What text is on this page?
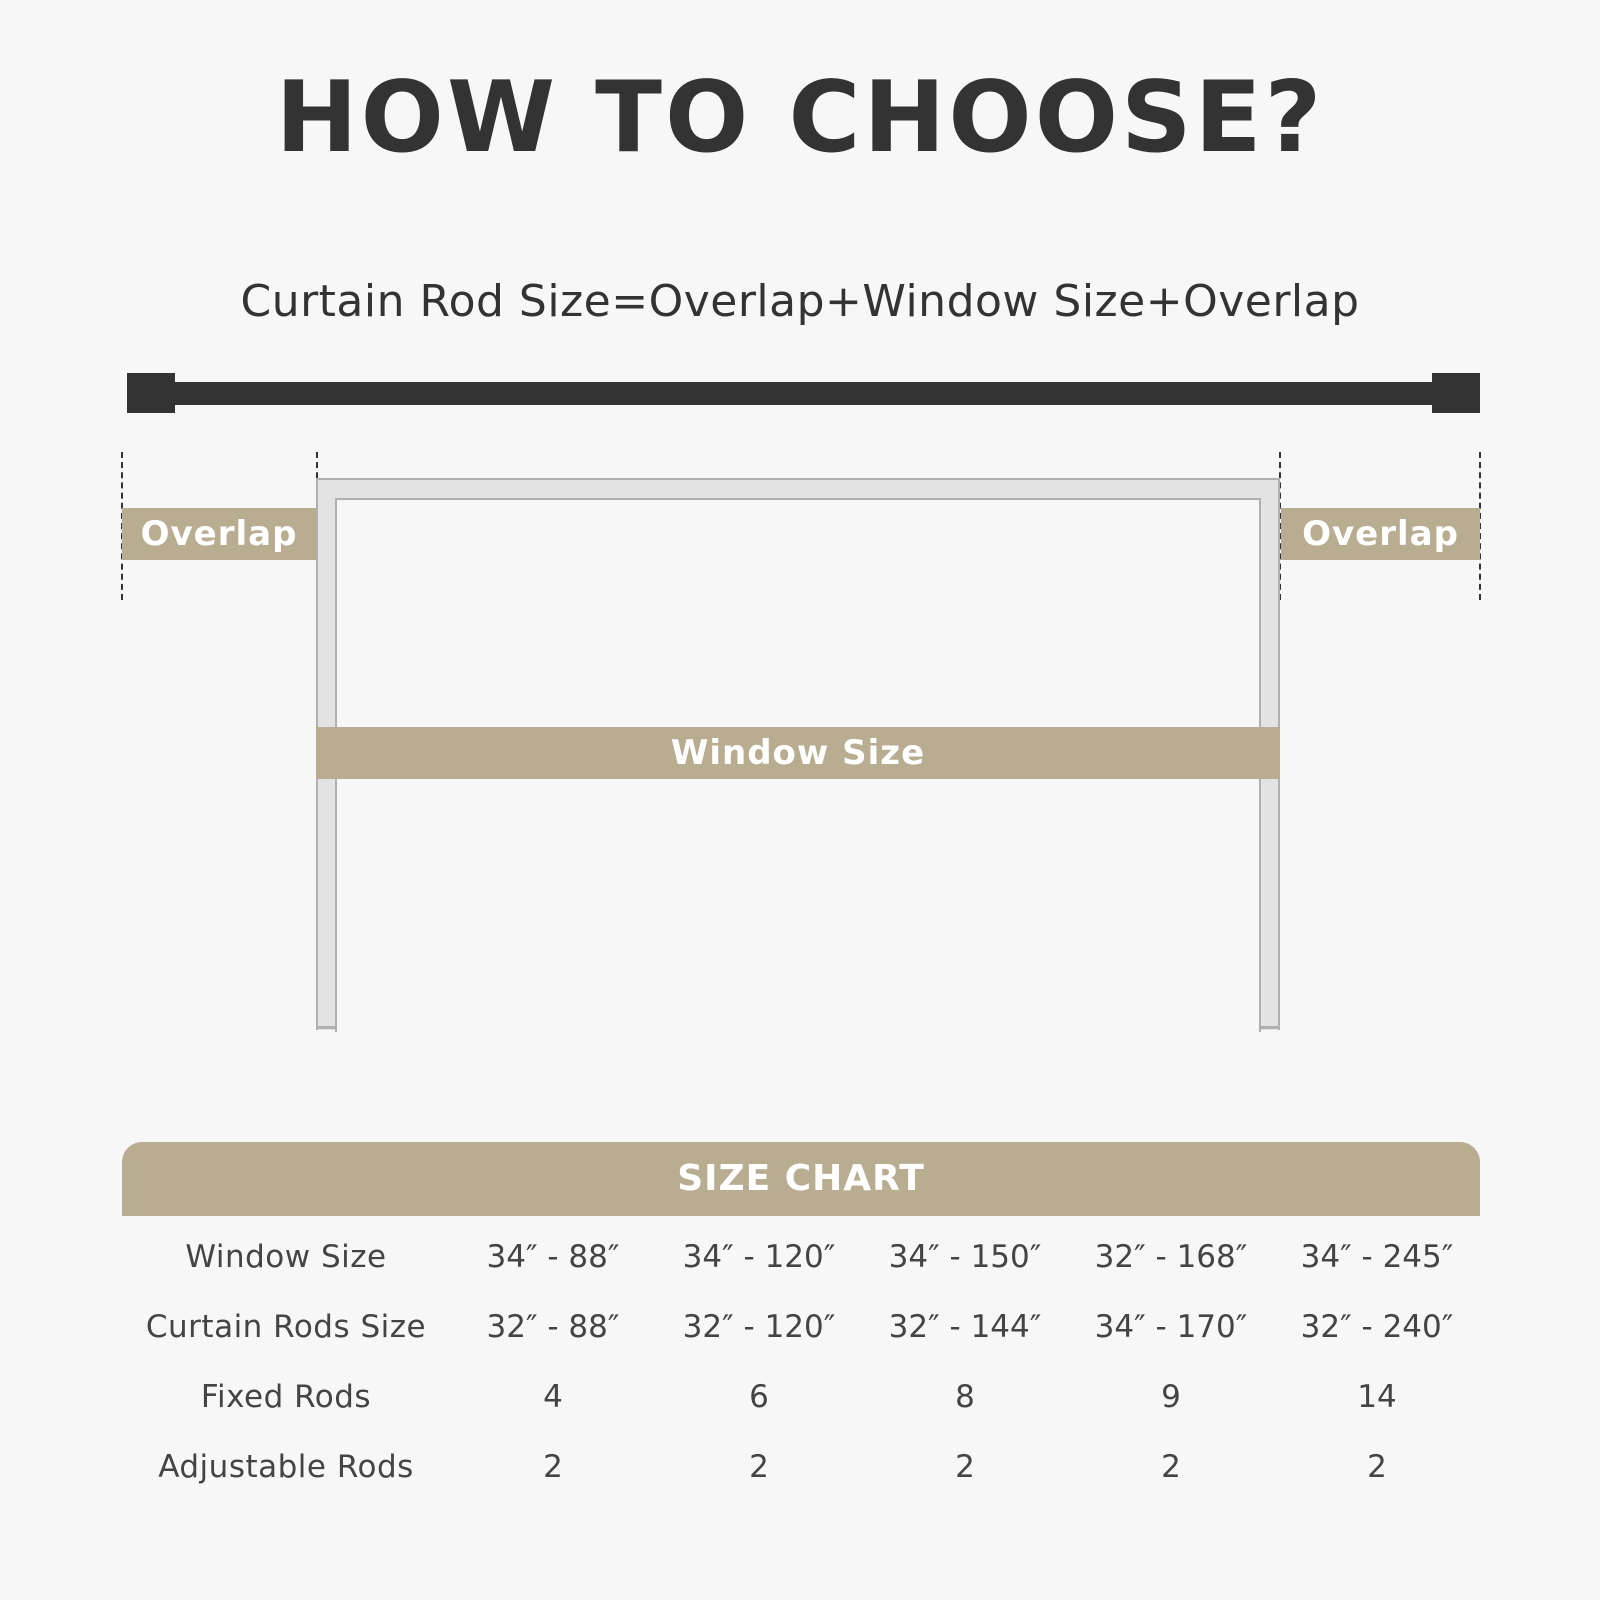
HOW TO CHOOSE?
Curtain Rod Size=Overlap+Window Size+Overlap
Overlap	Overlap
Window Size
SIZE CHART
Window Size	34″ - 88″	34″ - 120″	34″ - 150″	32″ - 168″	34″ - 245″
Curtain Rods Size	32″ - 88″	32″ - 120″	32″ - 144″	34″ - 170″	32″ - 240″
Fixed Rods	4	6	8	9	14
Adjustable Rods	2	2	2	2	2
